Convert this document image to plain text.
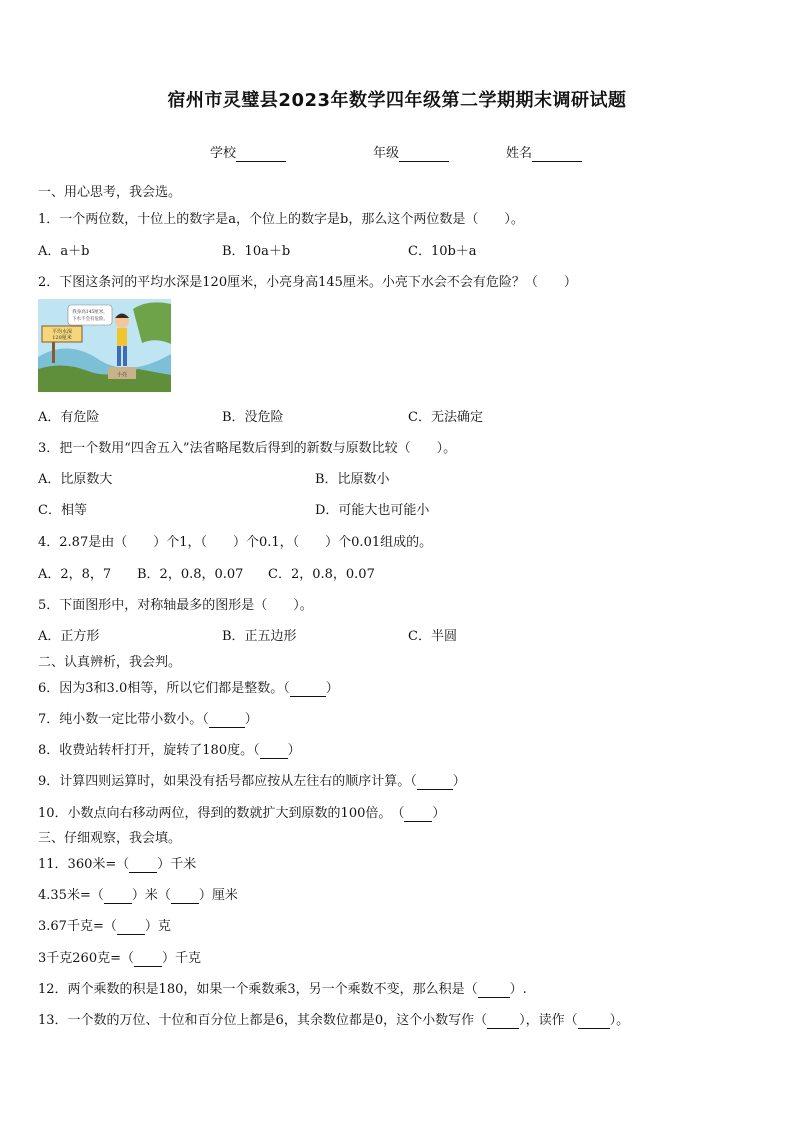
宿州市灵璧县2023年数学四年级第二学期期末调研试题
学校	年级	姓名
一、用心思考，我会选。
1．一个两位数，十位上的数字是a，个位上的数字是b，那么这个两位数是（　　）。
A．a＋b	B．10a＋b	C．10b＋a
2．下图这条河的平均水深是120厘米，小亮身高145厘米。小亮下水会不会有危险？（　　）
平均水深
120厘米
我身高145厘米，
下水不会有危险。
小亮
A．有危险	B．没危险	C．无法确定
3．把一个数用“四舍五入”法省略尾数后得到的新数与原数比较（　　）。
A．比原数大	B．比原数小
C．相等	D．可能大也可能小
4．2.87是由（　　）个1，（　　）个0.1，（　　）个0.01组成的。
A．2，8，7 B．2，0.8，0.07 C．2，0.8，0.07
5．下面图形中，对称轴最多的图形是（　　）。
A．正方形	B．正五边形	C．半圆
二、认真辨析，我会判。
6．因为3和3.0相等，所以它们都是整数。（	）
7．纯小数一定比带小数小。（	）
8．收费站转杆打开，旋转了180度。（ ）
9．计算四则运算时，如果没有括号都应按从左往右的顺序计算。（	）
10．小数点向右移动两位，得到的数就扩大到原数的100倍。　（ ）
三、仔细观察，我会填。
11．360米=（ ）千米
4.35米=（ ）米（ ）厘米
3.67千克=（ ）克
3千克260克=（ ）千克
12．两个乘数的积是180，如果一个乘数乘3，另一个乘数不变，那么积是（ ）.
13．一个数的万位、十位和百分位上都是6，其余数位都是0，这个小数写作（ ），读作（ ）。
